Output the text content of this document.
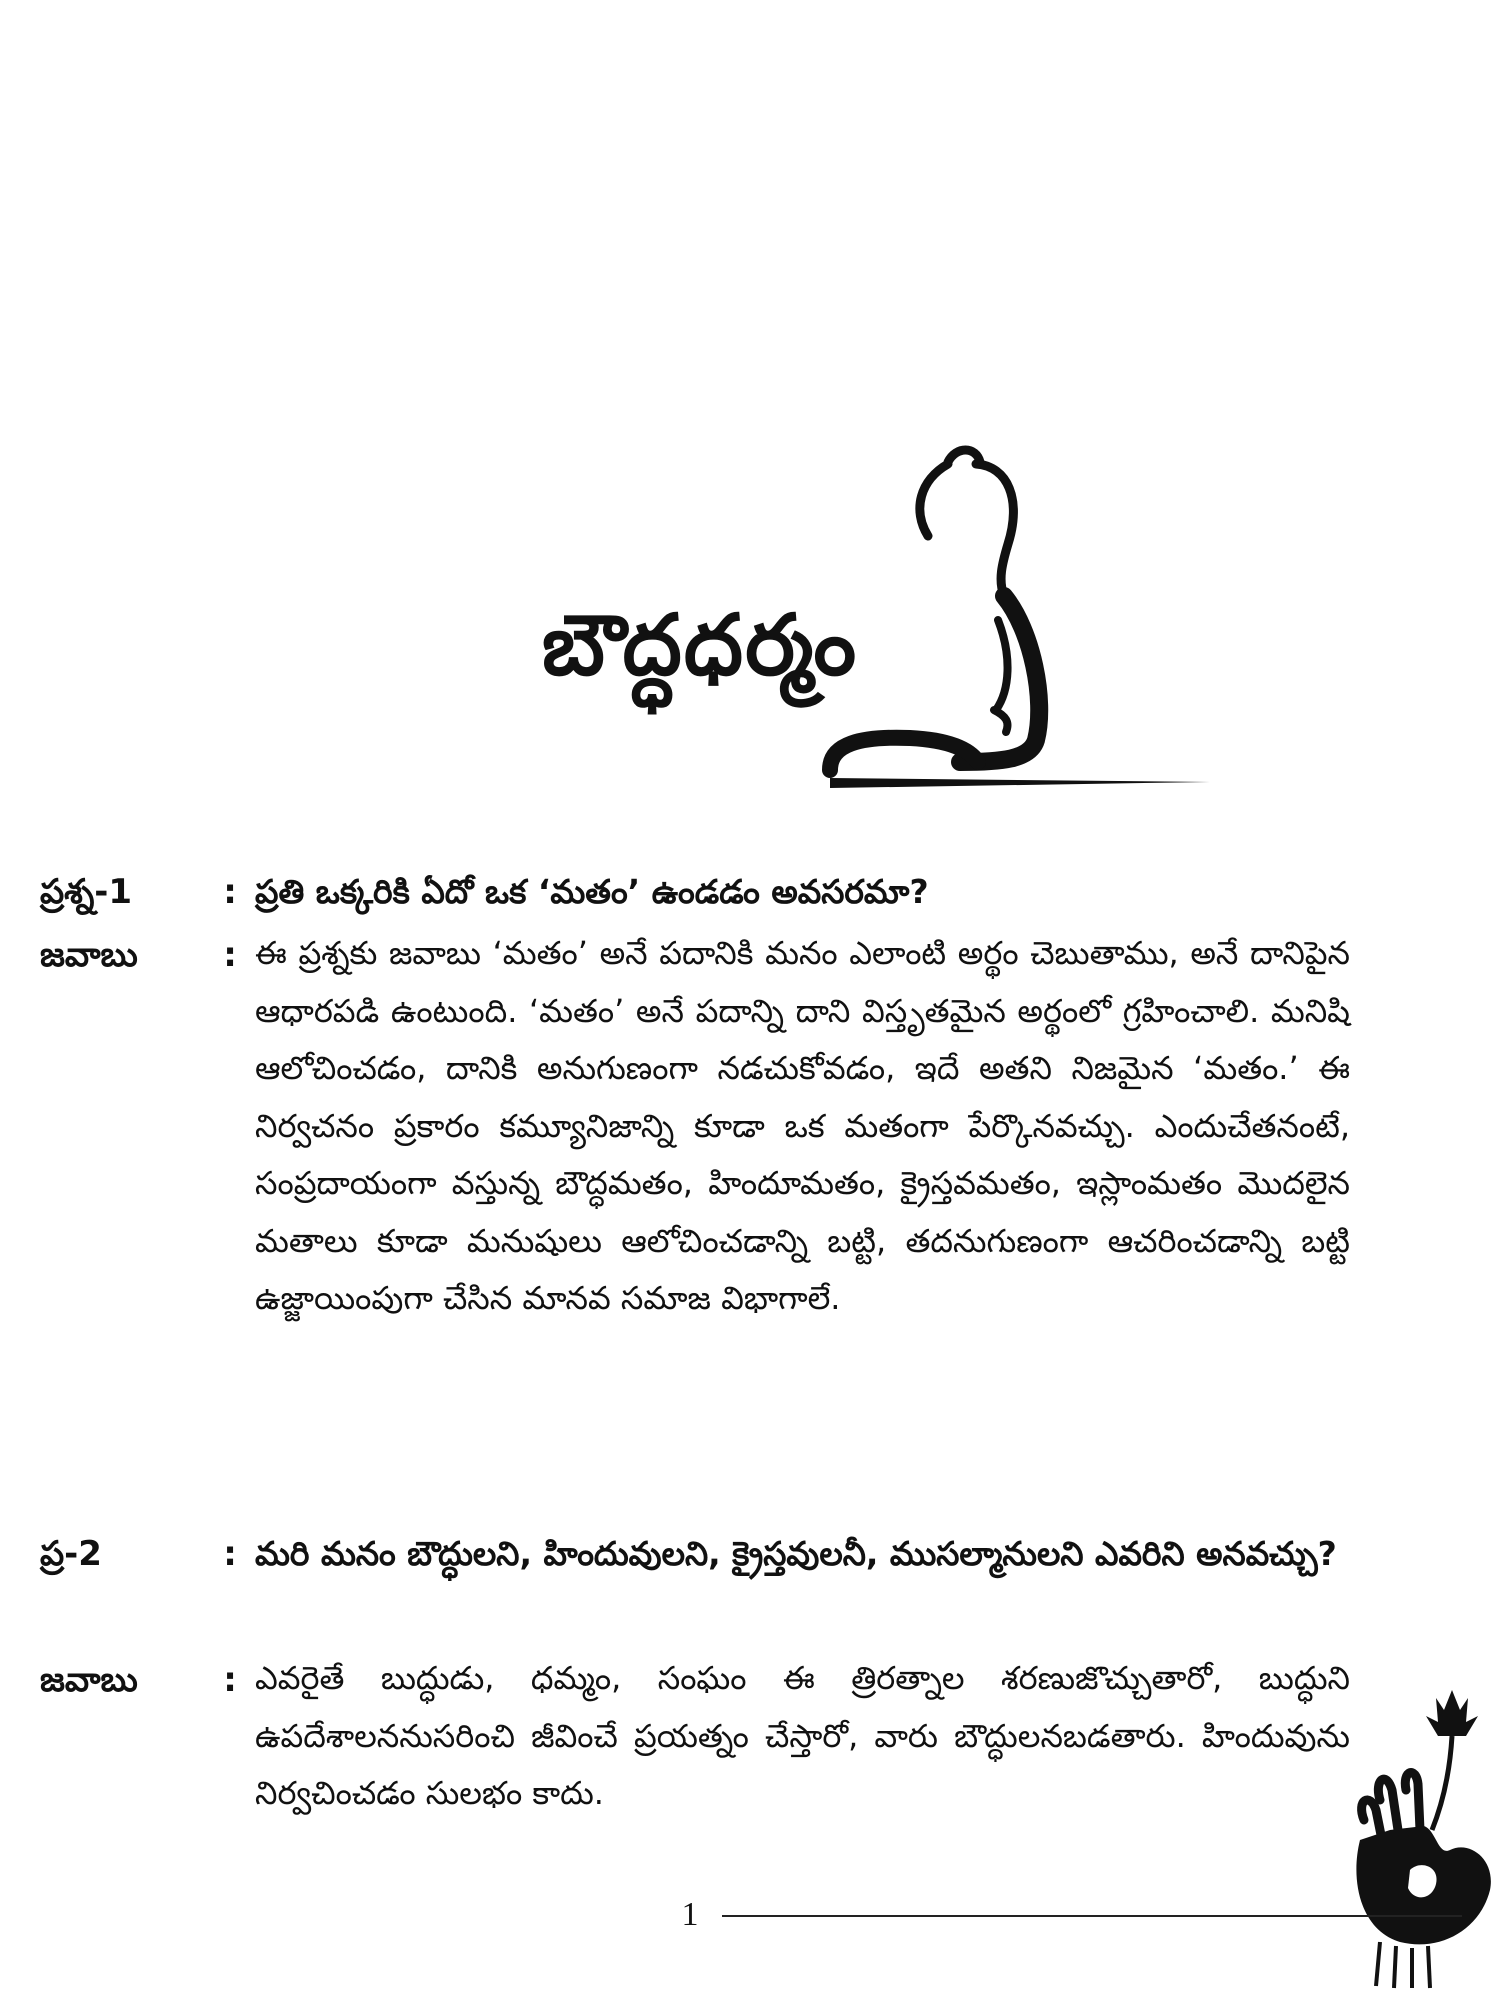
బౌద్ధధర్మం
ప్రశ్న-1	: ప్రతి ఒక్కరికి ఏదో ఒక ‘మతం’ ఉండడం అవసరమా?
జవాబు	: ఈ ప్రశ్నకు జవాబు ‘మతం’ అనే పదానికి మనం ఎలాంటి అర్థం చెబుతాము, అనే దానిపైన ఆధారపడి ఉంటుంది. ‘మతం’ అనే పదాన్ని దాని విస్తృతమైన అర్థంలో గ్రహించాలి. మనిషి ఆలోచించడం, దానికి అనుగుణంగా నడచుకోవడం, ఇదే అతని నిజమైన ‘మతం.’ ఈ నిర్వచనం ప్రకారం కమ్యూనిజాన్ని కూడా ఒక మతంగా పేర్కొనవచ్చు. ఎందుచేతనంటే, సంప్రదాయంగా వస్తున్న బౌద్ధమతం, హిందూమతం, క్రైస్తవమతం, ఇస్లాంమతం మొదలైన మతాలు కూడా మనుషులు ఆలోచించడాన్ని బట్టి, తదనుగుణంగా ఆచరించడాన్ని బట్టి ఉజ్జాయింపుగా చేసిన మానవ సమాజ విభాగాలే.
ప్ర-2	: మరి మనం బౌద్ధులని, హిందువులని, క్రైస్తవులనీ, ముసల్మానులని ఎవరిని అనవచ్చు?
జవాబు	: ఎవరైతే బుద్ధుడు, ధమ్మం, సంఘం ఈ త్రిరత్నాల శరణుజొచ్చుతారో, బుద్ధుని ఉపదేశాలననుసరించి జీవించే ప్రయత్నం చేస్తారో, వారు బౌద్ధులనబడతారు. హిందువును నిర్వచించడం సులభం కాదు.
1
